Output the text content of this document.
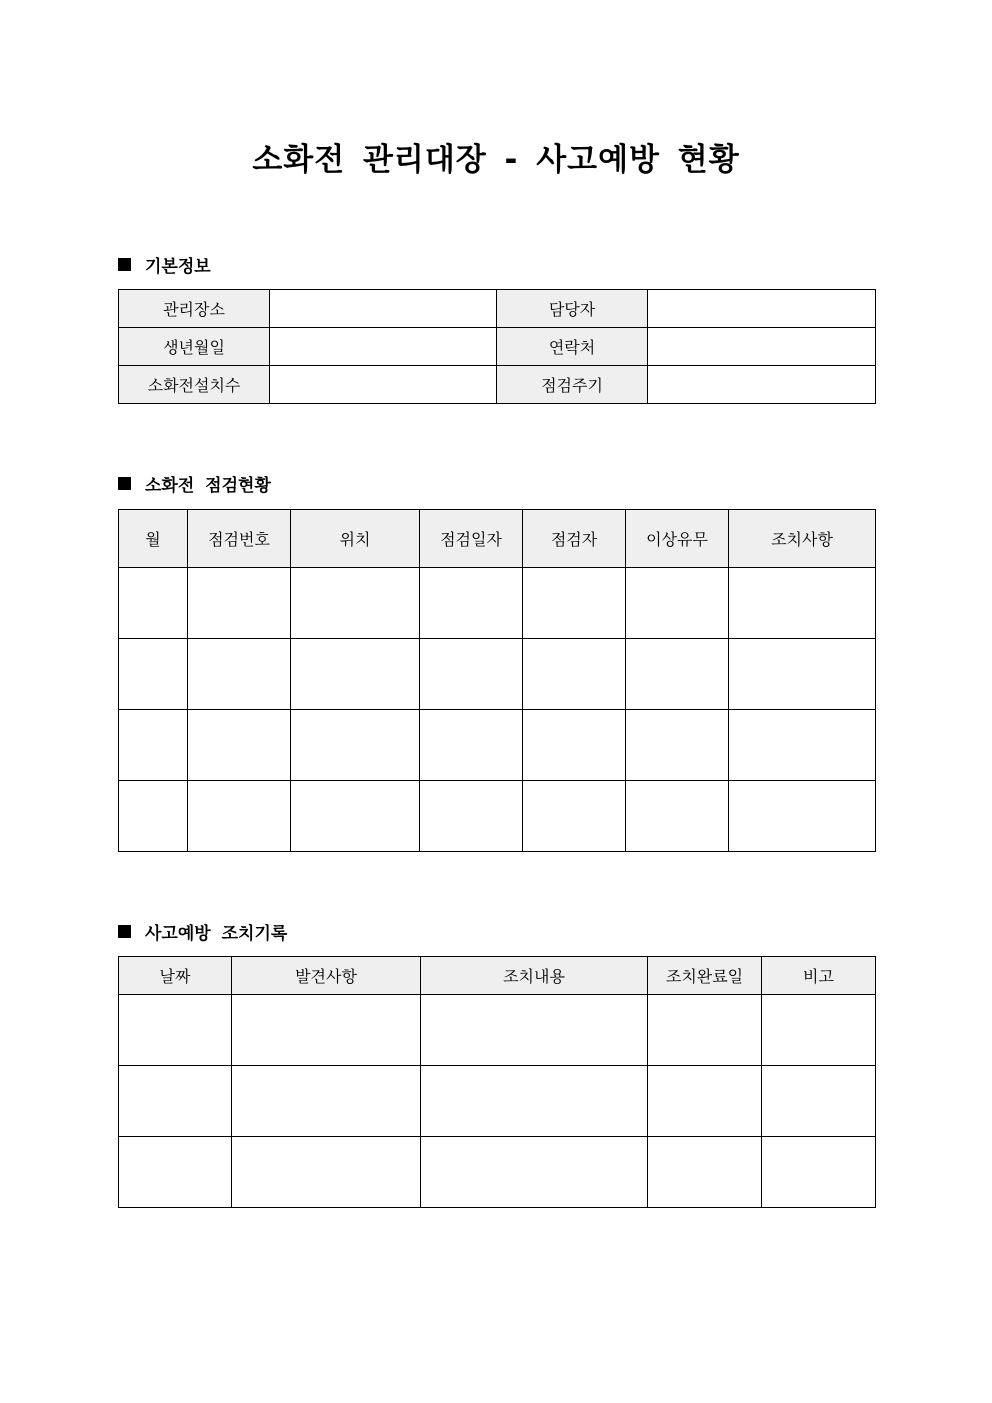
소화전 관리대장 - 사고예방 현황
기본정보
관리장소		담당자	
생년월일		연락처	
소화전설치수		점검주기	
소화전 점검현황
월	점검번호	위치	점검일자	점검자	이상유무	조치사항

사고예방 조치기록
날짜	발견사항	조치내용	조치완료일	비고
